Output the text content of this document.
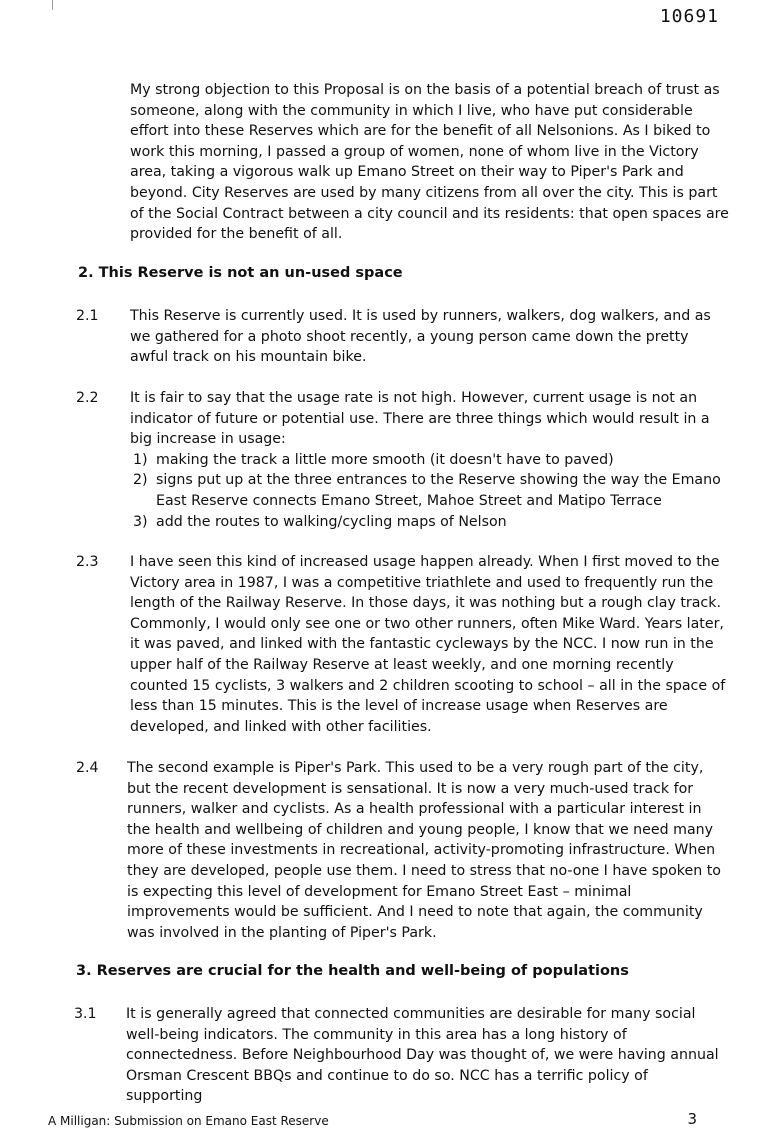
10691
My strong objection to this Proposal is on the basis of a potential breach of trust as someone, along with the community in which I live, who have put considerable effort into these Reserves which are for the benefit of all Nelsonions. As I biked to work this morning, I passed a group of women, none of whom live in the Victory area, taking a vigorous walk up Emano Street on their way to Piper's Park and beyond. City Reserves are used by many citizens from all over the city. This is part of the Social Contract between a city council and its residents: that open spaces are provided for the benefit of all.
2. This Reserve is not an un-used space
2.1 This Reserve is currently used. It is used by runners, walkers, dog walkers, and as we gathered for a photo shoot recently, a young person came down the pretty awful track on his mountain bike.
2.2 It is fair to say that the usage rate is not high. However, current usage is not an indicator of future or potential use. There are three things which would result in a big increase in usage:
1) making the track a little more smooth (it doesn't have to paved)
2) signs put up at the three entrances to the Reserve showing the way the Emano East Reserve connects Emano Street, Mahoe Street and Matipo Terrace
3) add the routes to walking/cycling maps of Nelson
2.3 I have seen this kind of increased usage happen already. When I first moved to the Victory area in 1987, I was a competitive triathlete and used to frequently run the length of the Railway Reserve. In those days, it was nothing but a rough clay track. Commonly, I would only see one or two other runners, often Mike Ward. Years later, it was paved, and linked with the fantastic cycleways by the NCC. I now run in the upper half of the Railway Reserve at least weekly, and one morning recently counted 15 cyclists, 3 walkers and 2 children scooting to school – all in the space of less than 15 minutes. This is the level of increase usage when Reserves are developed, and linked with other facilities.
2.4 The second example is Piper's Park. This used to be a very rough part of the city, but the recent development is sensational. It is now a very much-used track for runners, walker and cyclists. As a health professional with a particular interest in the health and wellbeing of children and young people, I know that we need many more of these investments in recreational, activity-promoting infrastructure. When they are developed, people use them. I need to stress that no-one I have spoken to is expecting this level of development for Emano Street East – minimal improvements would be sufficient. And I need to note that again, the community was involved in the planting of Piper's Park.
3. Reserves are crucial for the health and well-being of populations
3.1 It is generally agreed that connected communities are desirable for many social well-being indicators. The community in this area has a long history of connectedness. Before Neighbourhood Day was thought of, we were having annual Orsman Crescent BBQs and continue to do so. NCC has a terrific policy of supporting
A Milligan: Submission on Emano East Reserve	3
